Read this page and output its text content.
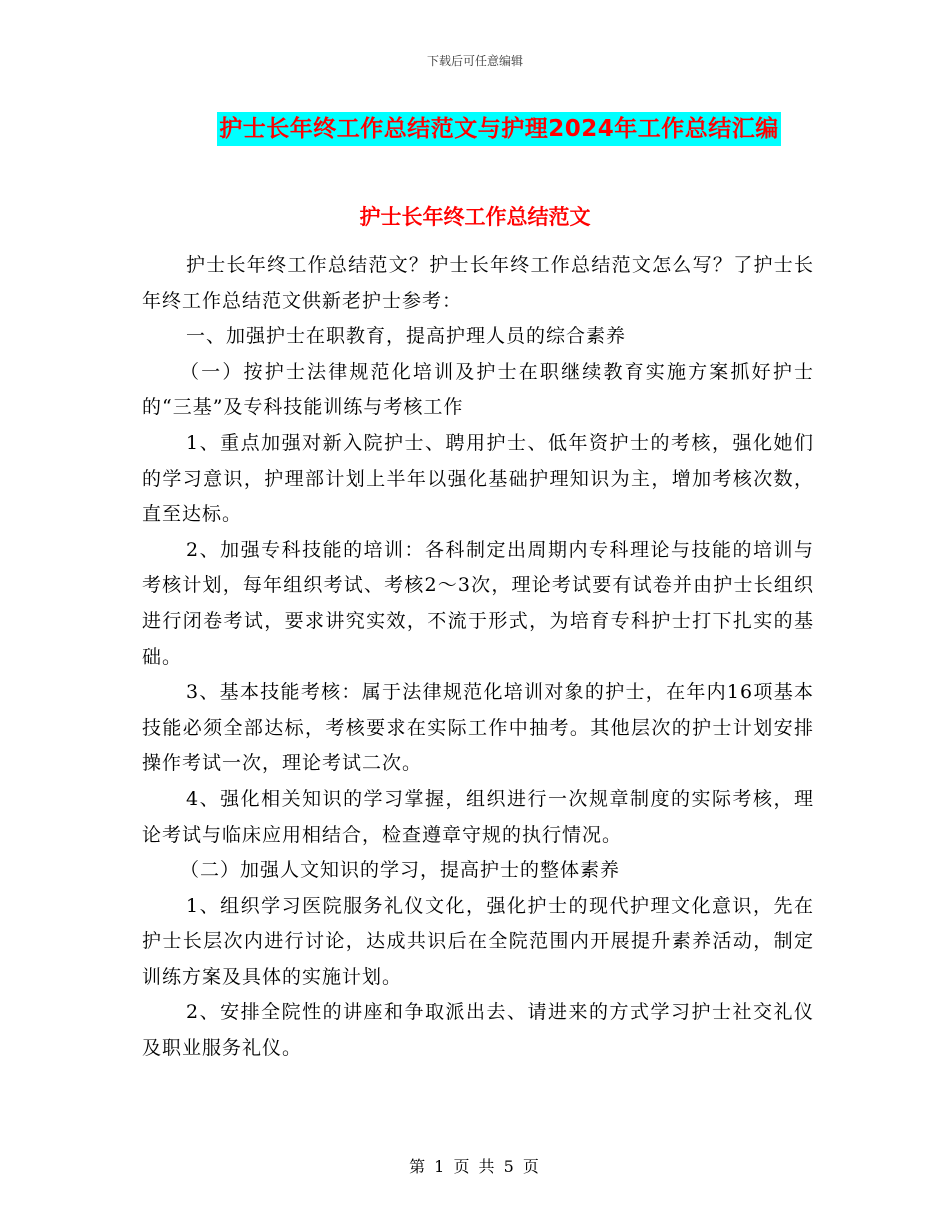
下载后可任意编辑
护士长年终工作总结范文与护理2024年工作总结汇编
护士长年终工作总结范文

护士长年终工作总结范文？护士长年终工作总结范文怎么写？了护士长年终工作总结范文供新老护士参考：

一、加强护士在职教育，提高护理人员的综合素养

（一）按护士法律规范化培训及护士在职继续教育实施方案抓好护士的“三基”及专科技能训练与考核工作

1、重点加强对新入院护士、聘用护士、低年资护士的考核，强化她们的学习意识，护理部计划上半年以强化基础护理知识为主，增加考核次数，直至达标。

2、加强专科技能的培训：各科制定出周期内专科理论与技能的培训与考核计划，每年组织考试、考核2～3次，理论考试要有试卷并由护士长组织进行闭卷考试，要求讲究实效，不流于形式，为培育专科护士打下扎实的基础。

3、基本技能考核：属于法律规范化培训对象的护士，在年内16项基本技能必须全部达标，考核要求在实际工作中抽考。其他层次的护士计划安排操作考试一次，理论考试二次。

4、强化相关知识的学习掌握，组织进行一次规章制度的实际考核，理论考试与临床应用相结合，检查遵章守规的执行情况。

（二）加强人文知识的学习，提高护士的整体素养

1、组织学习医院服务礼仪文化，强化护士的现代护理文化意识，先在护士长层次内进行讨论，达成共识后在全院范围内开展提升素养活动，制定训练方案及具体的实施计划。

2、安排全院性的讲座和争取派出去、请进来的方式学习护士社交礼仪及职业服务礼仪。

第 1 页 共 5 页
